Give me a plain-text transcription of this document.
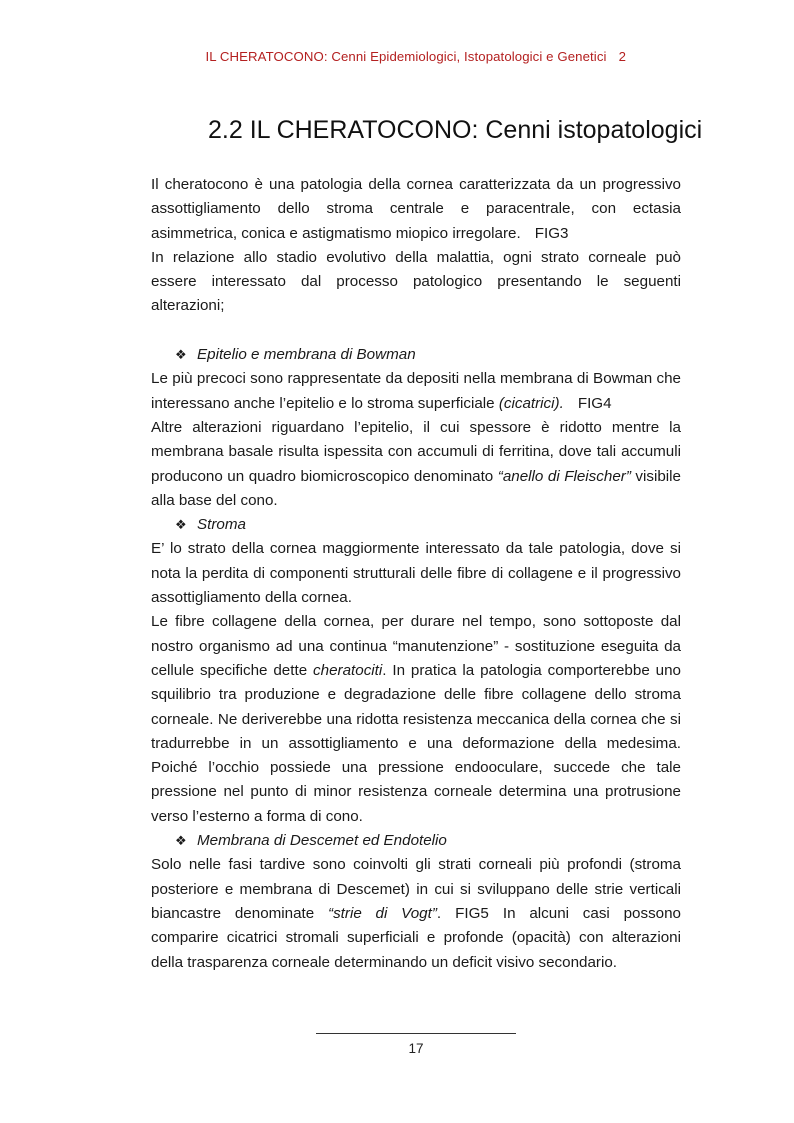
IL CHERATOCONO: Cenni Epidemiologici, Istopatologici e Genetici 2
2.2 IL CHERATOCONO: Cenni istopatologici

Il cheratocono è una patologia della cornea caratterizzata da un progressivo assottigliamento dello stroma centrale e paracentrale, con ectasia asimmetrica, conica e astigmatismo miopico irregolare. FIG3

In relazione allo stadio evolutivo della malattia, ogni strato corneale può essere interessato dal processo patologico presentando le seguenti alterazioni;

❖ Epitelio e membrana di Bowman

Le più precoci sono rappresentate da depositi nella membrana di Bowman che interessano anche l’epitelio e lo stroma superficiale (cicatrici). FIG4

Altre alterazioni riguardano l’epitelio, il cui spessore è ridotto mentre la membrana basale risulta ispessita con accumuli di ferritina, dove tali accumuli producono un quadro biomicroscopico denominato “anello di Fleischer” visibile alla base del cono.

❖ Stroma

E’ lo strato della cornea maggiormente interessato da tale patologia, dove si nota la perdita di componenti strutturali delle fibre di collagene e il progressivo assottigliamento della cornea.

Le fibre collagene della cornea, per durare nel tempo, sono sottoposte dal nostro organismo ad una continua “manutenzione” - sostituzione eseguita da cellule specifiche dette cheratociti. In pratica la patologia comporterebbe uno squilibrio tra produzione e degradazione delle fibre collagene dello stroma corneale. Ne deriverebbe una ridotta resistenza meccanica della cornea che si tradurrebbe in un assottigliamento e una deformazione della medesima. Poiché l’occhio possiede una pressione endooculare, succede che tale pressione nel punto di minor resistenza corneale determina una protrusione verso l’esterno a forma di cono.

❖ Membrana di Descemet ed Endotelio

Solo nelle fasi tardive sono coinvolti gli strati corneali più profondi (stroma posteriore e membrana di Descemet) in cui si sviluppano delle strie verticali biancastre denominate “strie di Vogt”. FIG5 In alcuni casi possono comparire cicatrici stromali superficiali e profonde (opacità) con alterazioni della trasparenza corneale determinando un deficit visivo secondario.

17
